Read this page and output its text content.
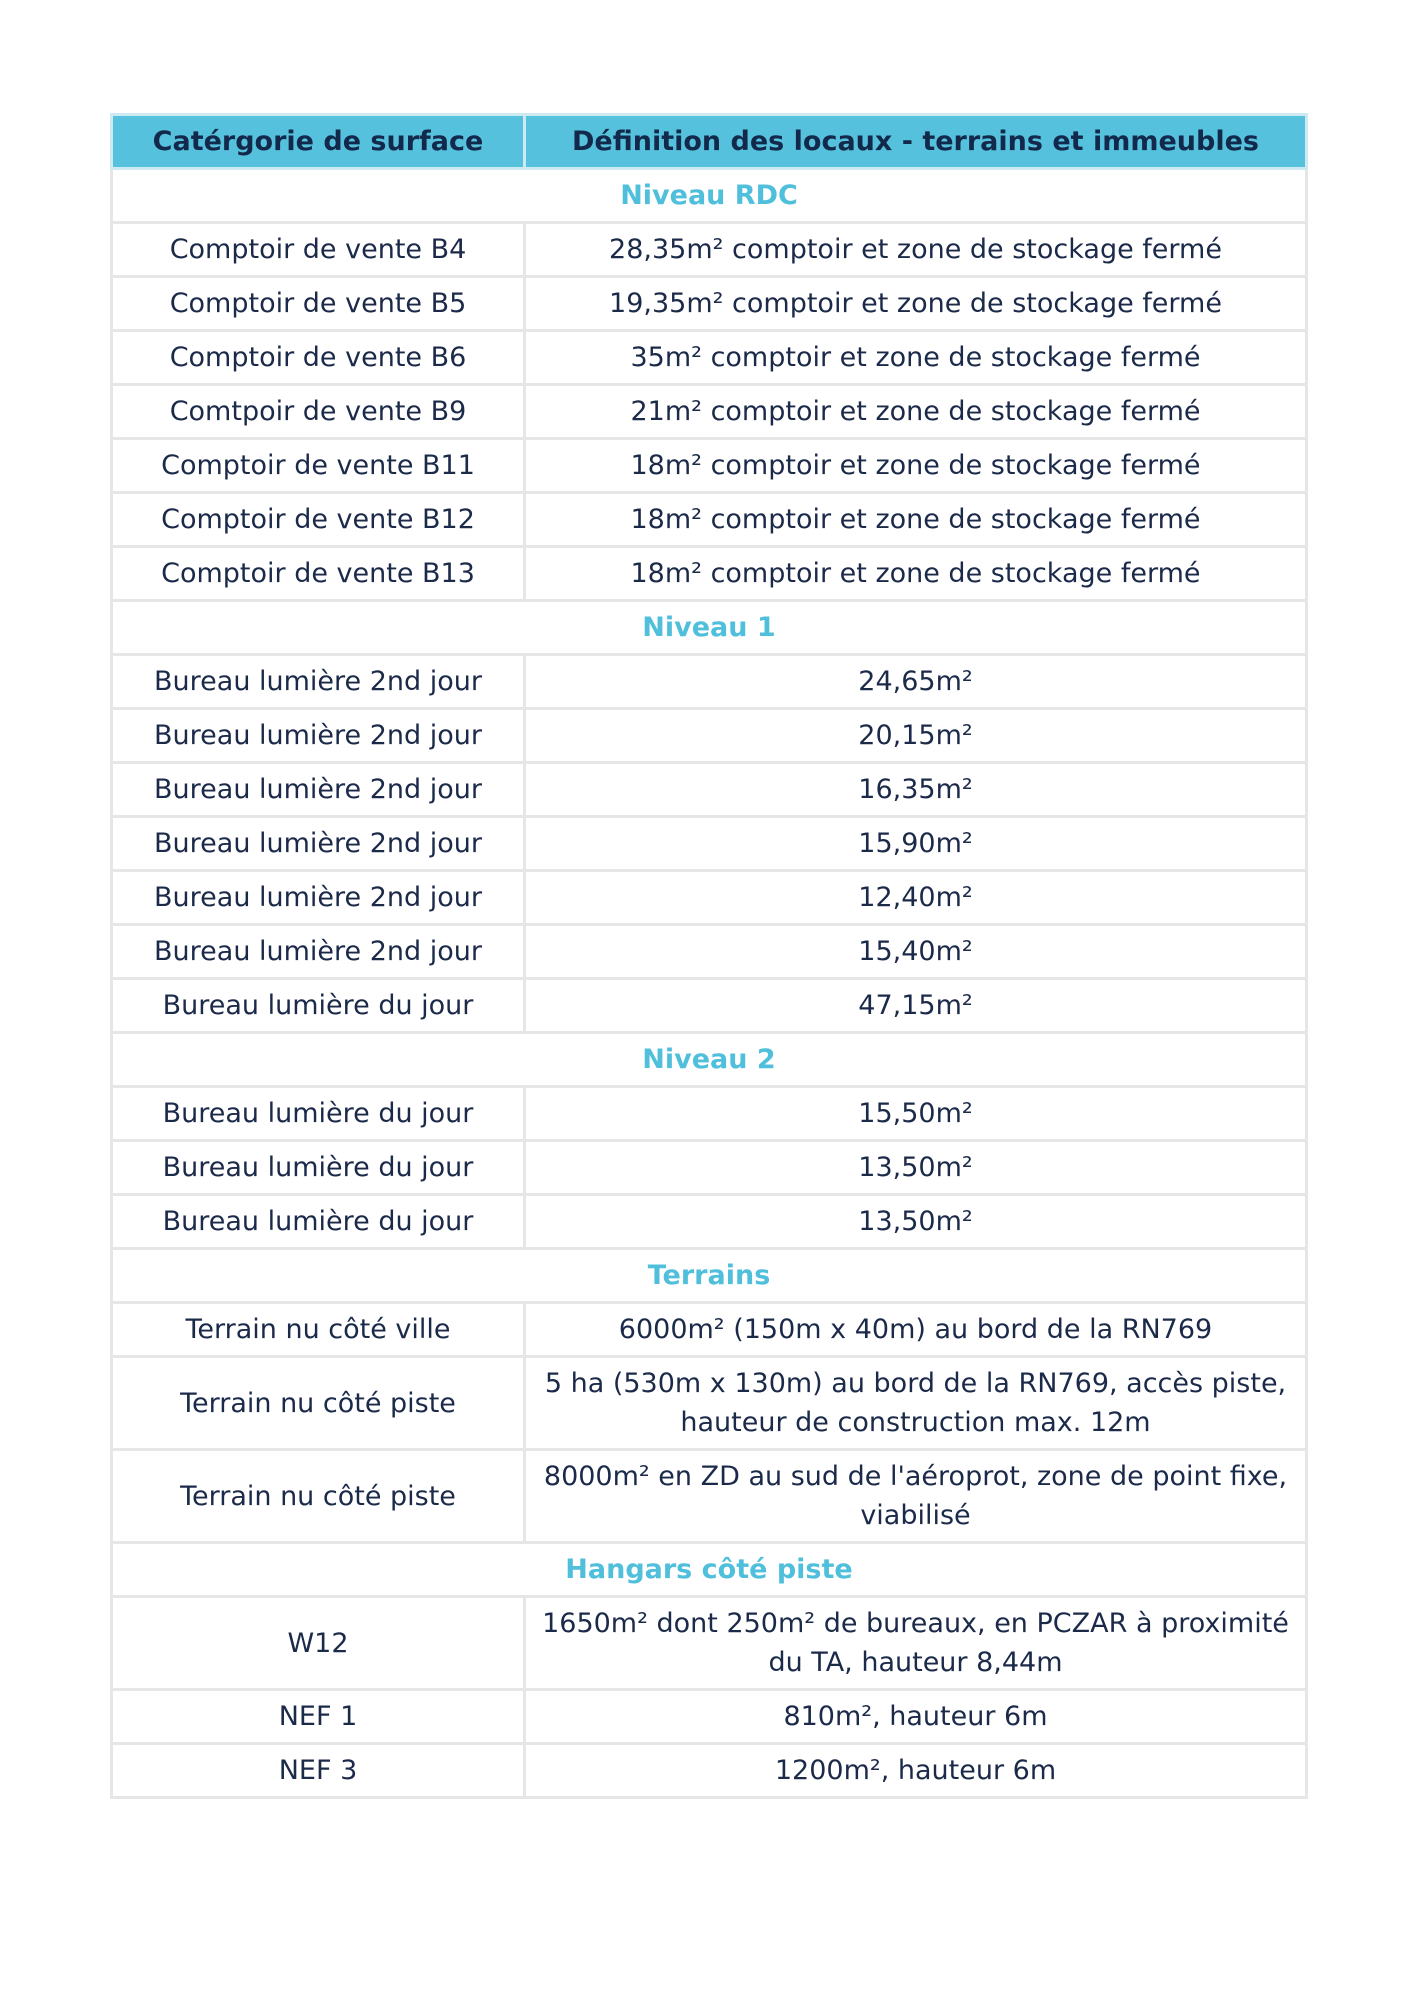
Catérgorie de surface	Définition des locaux - terrains et immeubles
Niveau RDC	
Comptoir de vente B4	28,35m² comptoir et zone de stockage fermé
Comptoir de vente B5	19,35m² comptoir et zone de stockage fermé
Comptoir de vente B6	35m² comptoir et zone de stockage fermé
Comtpoir de vente B9	21m² comptoir et zone de stockage fermé
Comptoir de vente B11	18m² comptoir et zone de stockage fermé
Comptoir de vente B12	18m² comptoir et zone de stockage fermé
Comptoir de vente B13	18m² comptoir et zone de stockage fermé
Niveau 1	
Bureau lumière 2nd jour	24,65m²
Bureau lumière 2nd jour	20,15m²
Bureau lumière 2nd jour	16,35m²
Bureau lumière 2nd jour	15,90m²
Bureau lumière 2nd jour	12,40m²
Bureau lumière 2nd jour	15,40m²
Bureau lumière du jour	47,15m²
Niveau 2	
Bureau lumière du jour	15,50m²
Bureau lumière du jour	13,50m²
Bureau lumière du jour	13,50m²
Terrains	
Terrain nu côté ville	6000m² (150m x 40m) au bord de la RN769
Terrain nu côté piste	5 ha (530m x 130m) au bord de la RN769, accès piste, hauteur de construction max. 12m
Terrain nu côté piste	8000m² en ZD au sud de l'aéroprot, zone de point fixe, viabilisé
Hangars côté piste	
W12	1650m² dont 250m² de bureaux, en PCZAR à proximité du TA, hauteur 8,44m
NEF 1	810m², hauteur 6m
NEF 3	1200m², hauteur 6m
